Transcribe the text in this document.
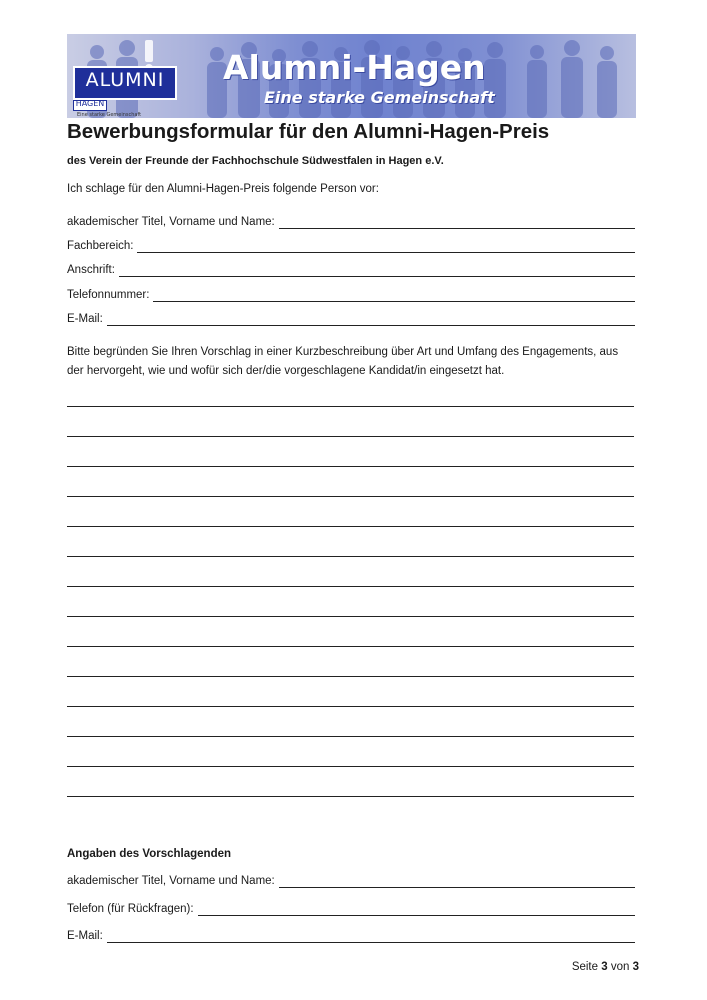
ALUMNI
HAGEN
Eine starke Gemeinschaft
Alumni-Hagen
Eine starke Gemeinschaft
Bewerbungsformular für den Alumni-Hagen-Preis
des Verein der Freunde der Fachhochschule Südwestfalen in Hagen e.V.
Ich schlage für den Alumni-Hagen-Preis folgende Person vor:
akademischer Titel, Vorname und Name:
Fachbereich:
Anschrift:
Telefonnummer:
E-Mail:
Bitte begründen Sie Ihren Vorschlag in einer Kurzbeschreibung über Art und Umfang des Engagements, aus der hervorgeht, wie und wofür sich der/die vorgeschlagene Kandidat/in eingesetzt hat.
Angaben des Vorschlagenden
akademischer Titel, Vorname und Name:
Telefon (für Rückfragen):
E-Mail:
Seite 3 von 3
